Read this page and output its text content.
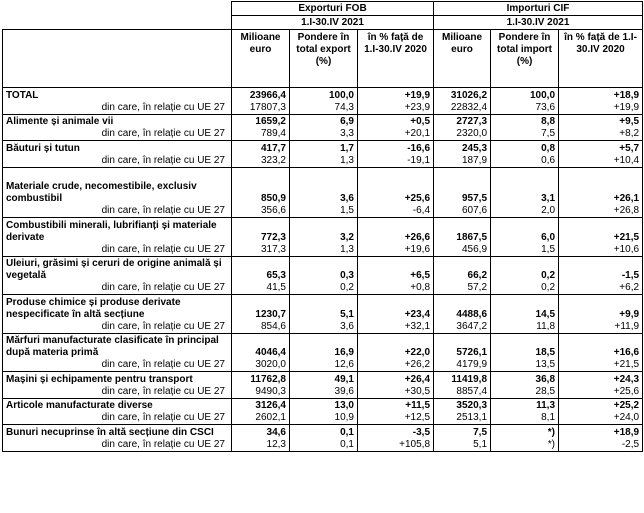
	Exporturi FOB			Importuri CIF		
	1.I-30.IV 2021			1.I-30.IV 2021		
	Milioane euro	Pondere în total export (%)	în % față de 1.I-30.IV 2020	Milioane euro	Pondere în total import (%)	în % față de 1.I-30.IV 2020
TOTAL	23966,4	100,0	+19,9	31026,2	100,0	+18,9
din care, în relație cu UE 27	17807,3	74,3	+23,9	22832,4	73,6	+19,9
Alimente și animale vii	1659,2	6,9	+0,5	2727,3	8,8	+9,5
din care, în relație cu UE 27	789,4	3,3	+20,1	2320,0	7,5	+8,2
Băuturi și tutun	417,7	1,7	-16,6	245,3	0,8	+5,7
din care, în relație cu UE 27	323,2	1,3	-19,1	187,9	0,6	+10,4
Materiale crude, necomestibile, exclusiv combustibil	850,9	3,6	+25,6	957,5	3,1	+26,1
din care, în relație cu UE 27	356,6	1,5	-6,4	607,6	2,0	+26,8
Combustibili minerali, lubrifianți și materiale derivate	772,3	3,2	+26,6	1867,5	6,0	+21,5
din care, în relație cu UE 27	317,3	1,3	+19,6	456,9	1,5	+10,6
Uleiuri, grăsimi și ceruri de origine animală și vegetală	65,3	0,3	+6,5	66,2	0,2	-1,5
din care, în relație cu UE 27	41,5	0,2	+0,8	57,2	0,2	+6,2
Produse chimice și produse derivate nespecificate în altă secțiune	1230,7	5,1	+23,4	4488,6	14,5	+9,9
din care, în relație cu UE 27	854,6	3,6	+32,1	3647,2	11,8	+11,9
Mărfuri manufacturate clasificate în principal după materia primă	4046,4	16,9	+22,0	5726,1	18,5	+16,6
din care, în relație cu UE 27	3020,0	12,6	+26,2	4179,9	13,5	+21,5
Mașini și echipamente pentru transport	11762,8	49,1	+26,4	11419,8	36,8	+24,3
din care, în relație cu UE 27	9490,3	39,6	+30,5	8857,4	28,5	+25,6
Articole manufacturate diverse	3126,4	13,0	+11,5	3520,3	11,3	+25,2
din care, în relație cu UE 27	2602,1	10,9	+12,5	2513,1	8,1	+24,0
Bunuri necuprinse în altă secțiune din CSCI	34,6	0,1	-3,5	7,5	*)	+18,9
din care, în relație cu UE 27	12,3	0,1	+105,8	5,1	*)	-2,5
